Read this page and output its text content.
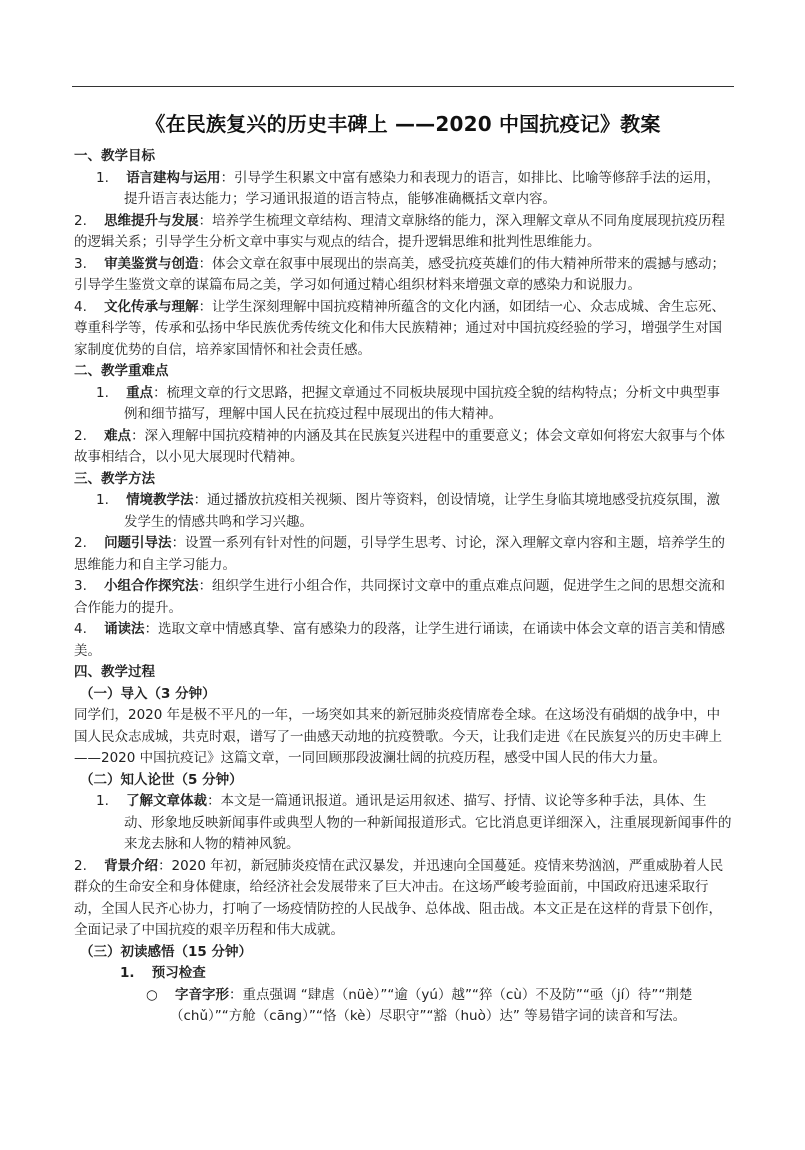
《在民族复兴的历史丰碑上 ——2020 中国抗疫记》教案

一、教学目标

1. 语言建构与运用：引导学生积累文中富有感染力和表现力的语言，如排比、比喻等修辞手法的运用，提升语言表达能力；学习通讯报道的语言特点，能够准确概括文章内容。

2. 思维提升与发展：培养学生梳理文章结构、理清文章脉络的能力，深入理解文章从不同角度展现抗疫历程的逻辑关系；引导学生分析文章中事实与观点的结合，提升逻辑思维和批判性思维能力。

3. 审美鉴赏与创造：体会文章在叙事中展现出的崇高美，感受抗疫英雄们的伟大精神所带来的震撼与感动；引导学生鉴赏文章的谋篇布局之美，学习如何通过精心组织材料来增强文章的感染力和说服力。

4. 文化传承与理解：让学生深刻理解中国抗疫精神所蕴含的文化内涵，如团结一心、众志成城、舍生忘死、尊重科学等，传承和弘扬中华民族优秀传统文化和伟大民族精神；通过对中国抗疫经验的学习，增强学生对国家制度优势的自信，培养家国情怀和社会责任感。

二、教学重难点

1. 重点：梳理文章的行文思路，把握文章通过不同板块展现中国抗疫全貌的结构特点；分析文中典型事例和细节描写，理解中国人民在抗疫过程中展现出的伟大精神。

2. 难点：深入理解中国抗疫精神的内涵及其在民族复兴进程中的重要意义；体会文章如何将宏大叙事与个体故事相结合，以小见大展现时代精神。

三、教学方法

1. 情境教学法：通过播放抗疫相关视频、图片等资料，创设情境，让学生身临其境地感受抗疫氛围，激发学生的情感共鸣和学习兴趣。

2. 问题引导法：设置一系列有针对性的问题，引导学生思考、讨论，深入理解文章内容和主题，培养学生的思维能力和自主学习能力。

3. 小组合作探究法：组织学生进行小组合作，共同探讨文章中的重点难点问题，促进学生之间的思想交流和合作能力的提升。

4. 诵读法：选取文章中情感真挚、富有感染力的段落，让学生进行诵读，在诵读中体会文章的语言美和情感美。

四、教学过程

（一）导入（3 分钟）

同学们，2020 年是极不平凡的一年，一场突如其来的新冠肺炎疫情席卷全球。在这场没有硝烟的战争中，中国人民众志成城，共克时艰，谱写了一曲感天动地的抗疫赞歌。今天，让我们走进《在民族复兴的历史丰碑上 ——2020 中国抗疫记》这篇文章，一同回顾那段波澜壮阔的抗疫历程，感受中国人民的伟大力量。

（二）知人论世（5 分钟）

1. 了解文章体裁：本文是一篇通讯报道。通讯是运用叙述、描写、抒情、议论等多种手法，具体、生动、形象地反映新闻事件或典型人物的一种新闻报道形式。它比消息更详细深入，注重展现新闻事件的来龙去脉和人物的精神风貌。

2. 背景介绍：2020 年初，新冠肺炎疫情在武汉暴发，并迅速向全国蔓延。疫情来势汹汹，严重威胁着人民群众的生命安全和身体健康，给经济社会发展带来了巨大冲击。在这场严峻考验面前，中国政府迅速采取行动，全国人民齐心协力，打响了一场疫情防控的人民战争、总体战、阻击战。本文正是在这样的背景下创作，全面记录了中国抗疫的艰辛历程和伟大成就。

（三）初读感悟（15 分钟）

1. 预习检查

○ 字音字形：重点强调 “肆虐（nüè）”“逾（yú）越”“猝（cù）不及防”“亟（jí）待”“荆楚（chǔ）”“方舱（cāng）”“恪（kè）尽职守”“豁（huò）达” 等易错字词的读音和写法。
